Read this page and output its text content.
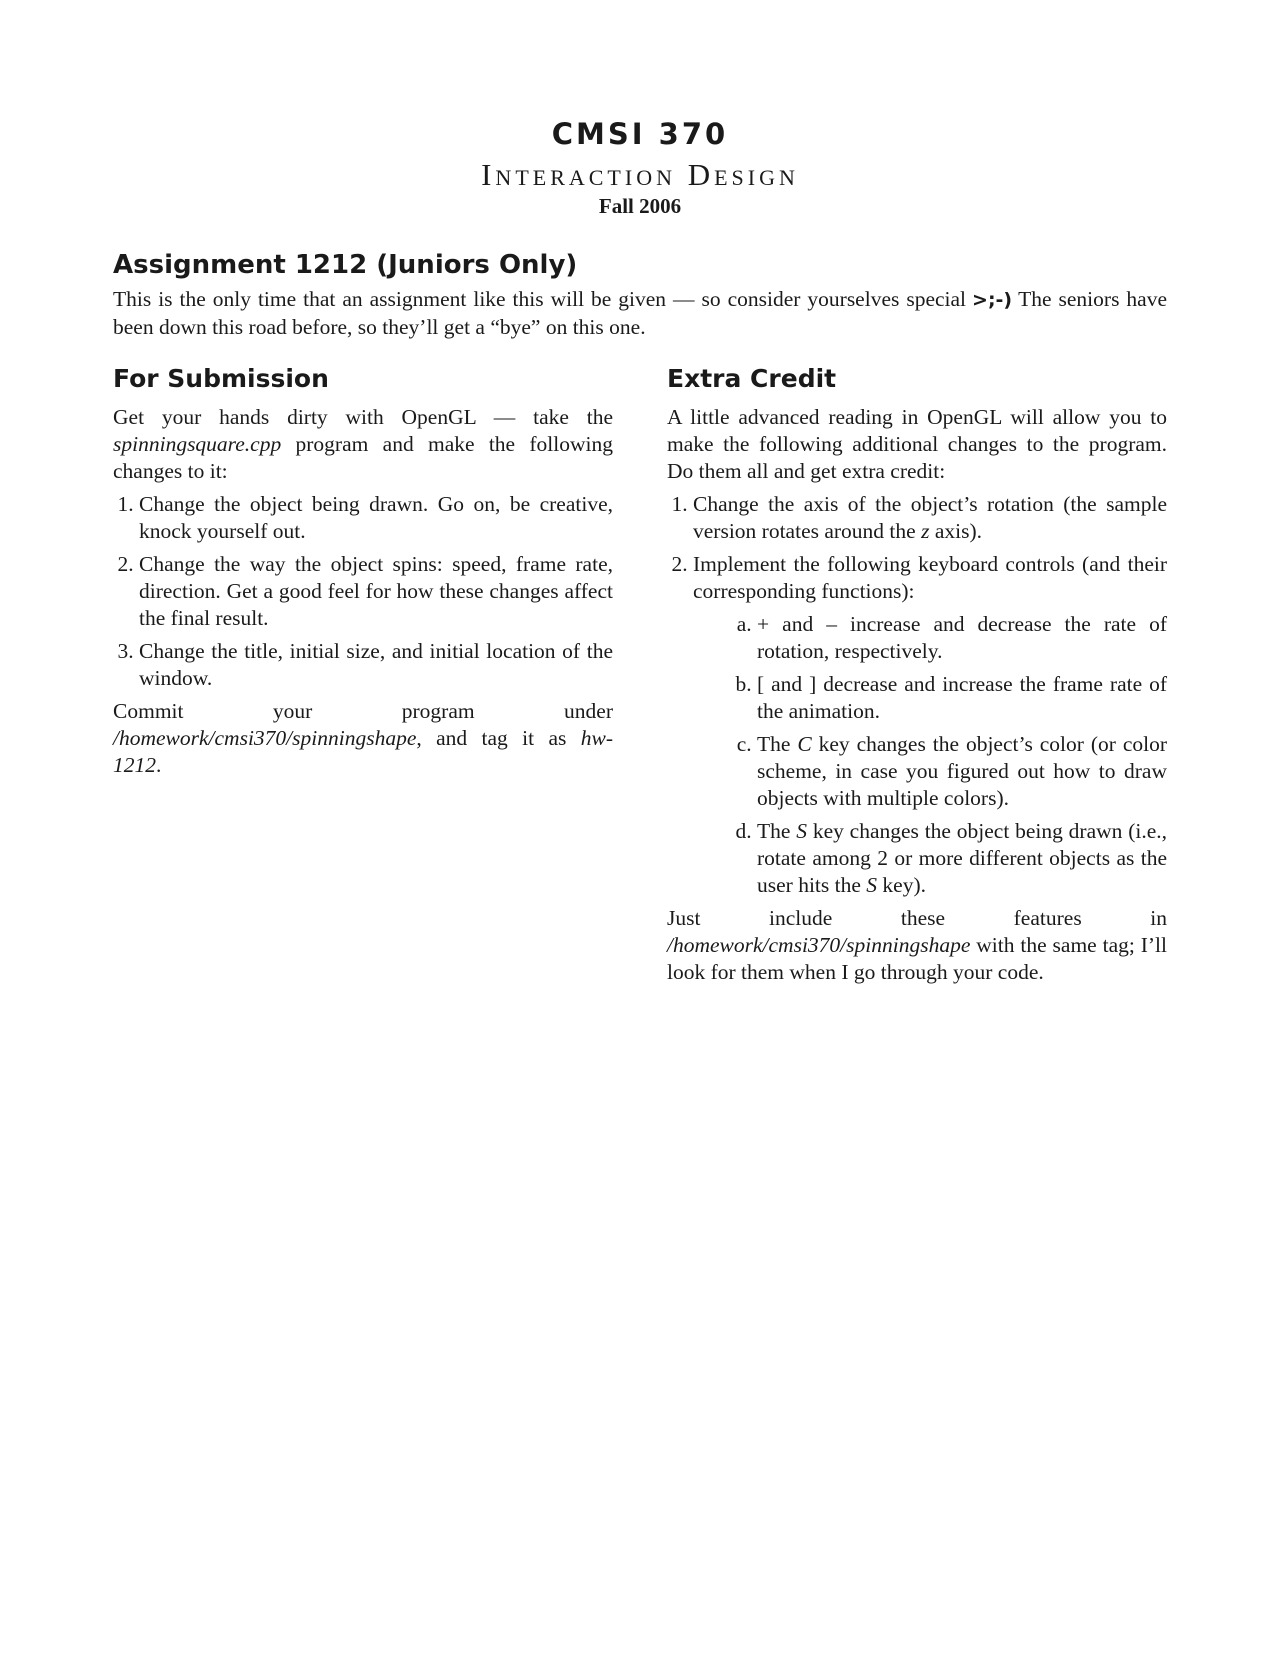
CMSI 370
Interaction Design
Fall 2006
Assignment 1212 (Juniors Only)

This is the only time that an assignment like this will be given — so consider yourselves special >;-) The seniors have been down this road before, so they’ll get a “bye” on this one.

For Submission

Get your hands dirty with OpenGL — take the spinningsquare.cpp program and make the following changes to it:

1. Change the object being drawn. Go on, be creative, knock yourself out.
2. Change the way the object spins: speed, frame rate, direction. Get a good feel for how these changes affect the final result.
3. Change the title, initial size, and initial location of the window.

Commit your program under /homework/cmsi370/spinningshape, and tag it as hw-1212.

Extra Credit

A little advanced reading in OpenGL will allow you to make the following additional changes to the program. Do them all and get extra credit:

1. Change the axis of the object’s rotation (the sample version rotates around the z axis).
2. Implement the following keyboard controls (and their corresponding functions):
a. + and – increase and decrease the rate of rotation, respectively.
b. [ and ] decrease and increase the frame rate of the animation.
c. The C key changes the object’s color (or color scheme, in case you figured out how to draw objects with multiple colors).
d. The S key changes the object being drawn (i.e., rotate among 2 or more different objects as the user hits the S key).

Just include these features in /homework/cmsi370/spinningshape with the same tag; I’ll look for them when I go through your code.
